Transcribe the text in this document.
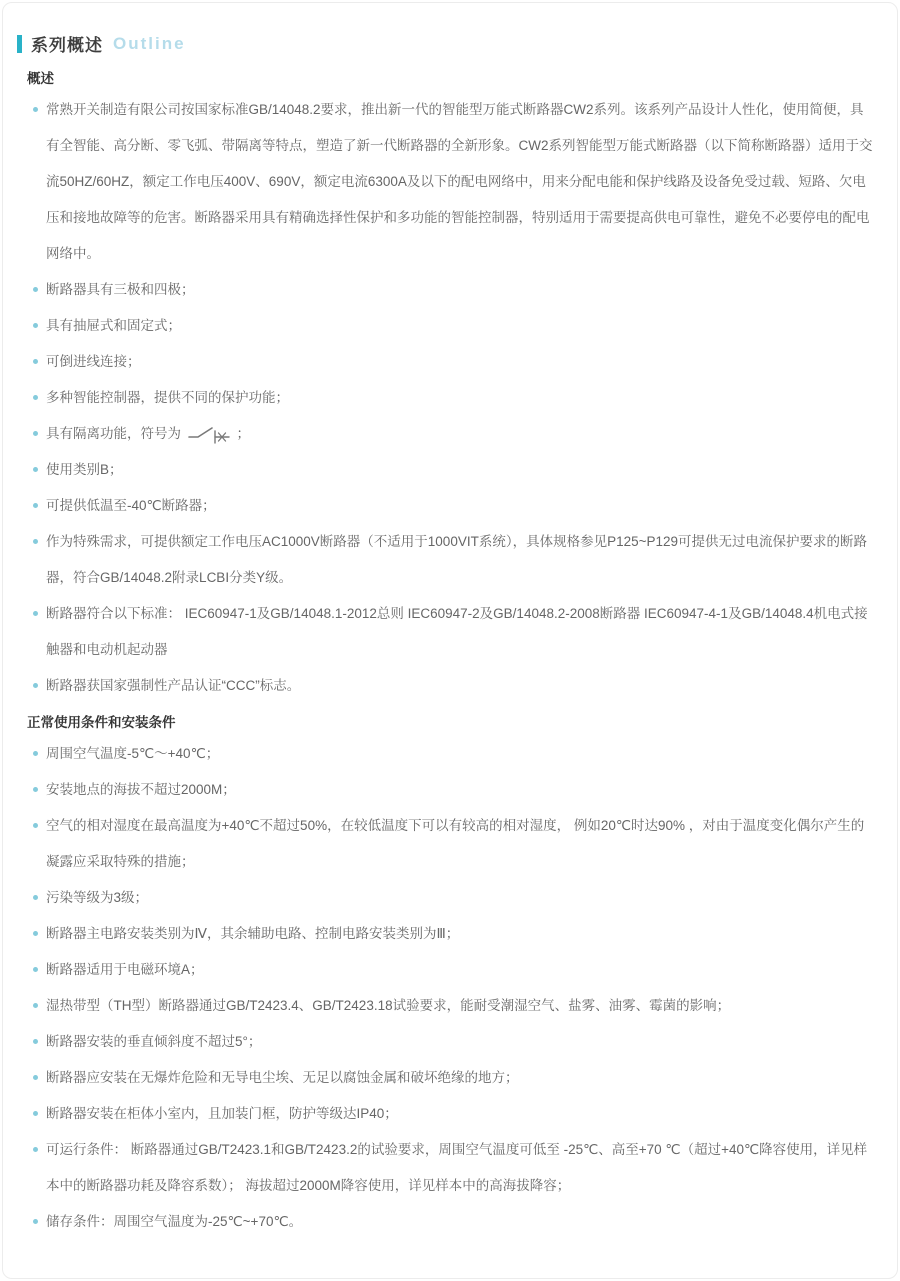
系列概述 Outline
概述
常熟开关制造有限公司按国家标准GB/14048.2要求，推出新一代的智能型万能式断路器CW2系列。该系列产品设计人性化，使用简便，具有全智能、高分断、零飞弧、带隔离等特点，塑造了新一代断路器的全新形象。CW2系列智能型万能式断路器（以下简称断路器）适用于交流50HZ/60HZ，额定工作电压400V、690V，额定电流6300A及以下的配电网络中，用来分配电能和保护线路及设备免受过载、短路、欠电压和接地故障等的危害。断路器采用具有精确选择性保护和多功能的智能控制器，特别适用于需要提高供电可靠性，避免不必要停电的配电网络中。
断路器具有三极和四极；
具有抽屉式和固定式；
可倒进线连接；
多种智能控制器，提供不同的保护功能；
具有隔离功能，符号为	；
使用类别B；
可提供低温至-40℃断路器；
作为特殊需求，可提供额定工作电压AC1000V断路器（不适用于1000VIT系统），具体规格参见P125~P129可提供无过电流保护要求的断路器，符合GB/14048.2附录LCBI分类Y级。
断路器符合以下标准： IEC60947-1及GB/14048.1-2012总则 IEC60947-2及GB/14048.2-2008断路器 IEC60947-4-1及GB/14048.4机电式接触器和电动机起动器
断路器获国家强制性产品认证“CCC”标志。
正常使用条件和安装条件
周围空气温度-5℃～+40℃；
安装地点的海拔不超过2000M；
空气的相对湿度在最高温度为+40℃不超过50%，在较低温度下可以有较高的相对湿度， 例如20℃时达90% ，对由于温度变化偶尔产生的凝露应采取特殊的措施；
污染等级为3级；
断路器主电路安装类别为Ⅳ，其余辅助电路、控制电路安装类别为Ⅲ；
断路器适用于电磁环境A；
湿热带型（TH型）断路器通过GB/T2423.4、GB/T2423.18试验要求，能耐受潮湿空气、盐雾、油雾、霉菌的影响；
断路器安装的垂直倾斜度不超过5°；
断路器应安装在无爆炸危险和无导电尘埃、无足以腐蚀金属和破坏绝缘的地方；
断路器安装在柜体小室内，且加装门框，防护等级达IP40；
可运行条件： 断路器通过GB/T2423.1和GB/T2423.2的试验要求，周围空气温度可低至 -25℃、高至+70 ℃（超过+40℃降容使用，详见样本中的断路器功耗及降容系数）； 海拔超过2000M降容使用，详见样本中的高海拔降容；
储存条件：周围空气温度为-25℃~+70℃。
